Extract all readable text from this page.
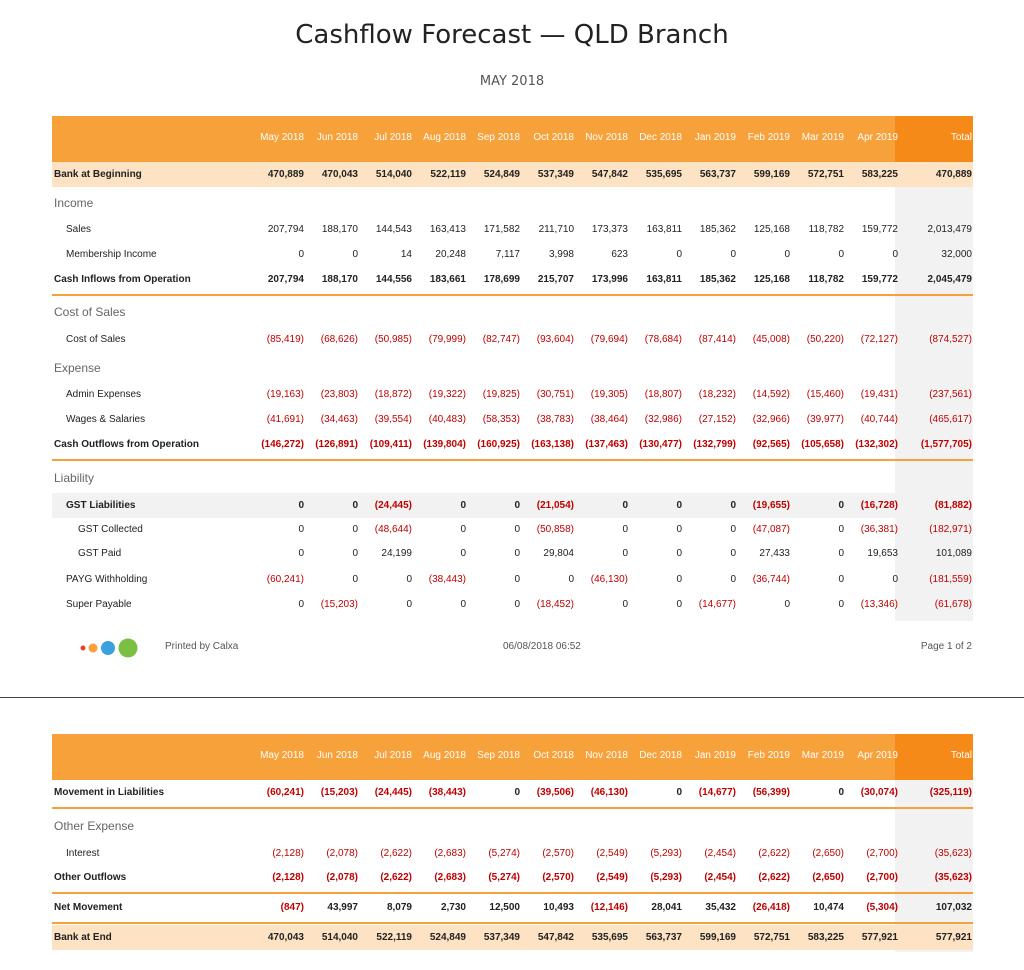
Cashflow Forecast — QLD Branch
MAY 2018
May 2018	Jun 2018	Jul 2018	Aug 2018	Sep 2018	Oct 2018	Nov 2018	Dec 2018	Jan 2019	Feb 2019	Mar 2019	Apr 2019	Total
Bank at Beginning	470,889	470,043	514,040	522,119	524,849	537,349	547,842	535,695	563,737	599,169	572,751	583,225	470,889
Income
Sales	207,794	188,170	144,543	163,413	171,582	211,710	173,373	163,811	185,362	125,168	118,782	159,772	2,013,479
Membership Income	0	0	14	20,248	7,117	3,998	623	0	0	0	0	0	32,000
Cash Inflows from Operation	207,794	188,170	144,556	183,661	178,699	215,707	173,996	163,811	185,362	125,168	118,782	159,772	2,045,479
Cost of Sales
Cost of Sales	(85,419)	(68,626)	(50,985)	(79,999)	(82,747)	(93,604)	(79,694)	(78,684)	(87,414)	(45,008)	(50,220)	(72,127)	(874,527)
Expense
Admin Expenses	(19,163)	(23,803)	(18,872)	(19,322)	(19,825)	(30,751)	(19,305)	(18,807)	(18,232)	(14,592)	(15,460)	(19,431)	(237,561)
Wages & Salaries	(41,691)	(34,463)	(39,554)	(40,483)	(58,353)	(38,783)	(38,464)	(32,986)	(27,152)	(32,966)	(39,977)	(40,744)	(465,617)
Cash Outflows from Operation	(146,272)	(126,891)	(109,411)	(139,804)	(160,925)	(163,138)	(137,463)	(130,477)	(132,799)	(92,565)	(105,658)	(132,302)	(1,577,705)
Liability
GST Liabilities	0	0	(24,445)	0	0	(21,054)	0	0	0	(19,655)	0	(16,728)	(81,882)
GST Collected	0	0	(48,644)	0	0	(50,858)	0	0	0	(47,087)	0	(36,381)	(182,971)
GST Paid	0	0	24,199	0	0	29,804	0	0	0	27,433	0	19,653	101,089
PAYG Withholding	(60,241)	0	0	(38,443)	0	0	(46,130)	0	0	(36,744)	0	0	(181,559)
Super Payable	0	(15,203)	0	0	0	(18,452)	0	0	(14,677)	0	0	(13,346)	(61,678)
Printed by Calxa	06/08/2018 06:52	Page 1 of 2
May 2018	Jun 2018	Jul 2018	Aug 2018	Sep 2018	Oct 2018	Nov 2018	Dec 2018	Jan 2019	Feb 2019	Mar 2019	Apr 2019	Total
Movement in Liabilities	(60,241)	(15,203)	(24,445)	(38,443)	0	(39,506)	(46,130)	0	(14,677)	(56,399)	0	(30,074)	(325,119)
Other Expense
Interest	(2,128)	(2,078)	(2,622)	(2,683)	(5,274)	(2,570)	(2,549)	(5,293)	(2,454)	(2,622)	(2,650)	(2,700)	(35,623)
Other Outflows	(2,128)	(2,078)	(2,622)	(2,683)	(5,274)	(2,570)	(2,549)	(5,293)	(2,454)	(2,622)	(2,650)	(2,700)	(35,623)
Net Movement	(847)	43,997	8,079	2,730	12,500	10,493	(12,146)	28,041	35,432	(26,418)	10,474	(5,304)	107,032
Bank at End	470,043	514,040	522,119	524,849	537,349	547,842	535,695	563,737	599,169	572,751	583,225	577,921	577,921
